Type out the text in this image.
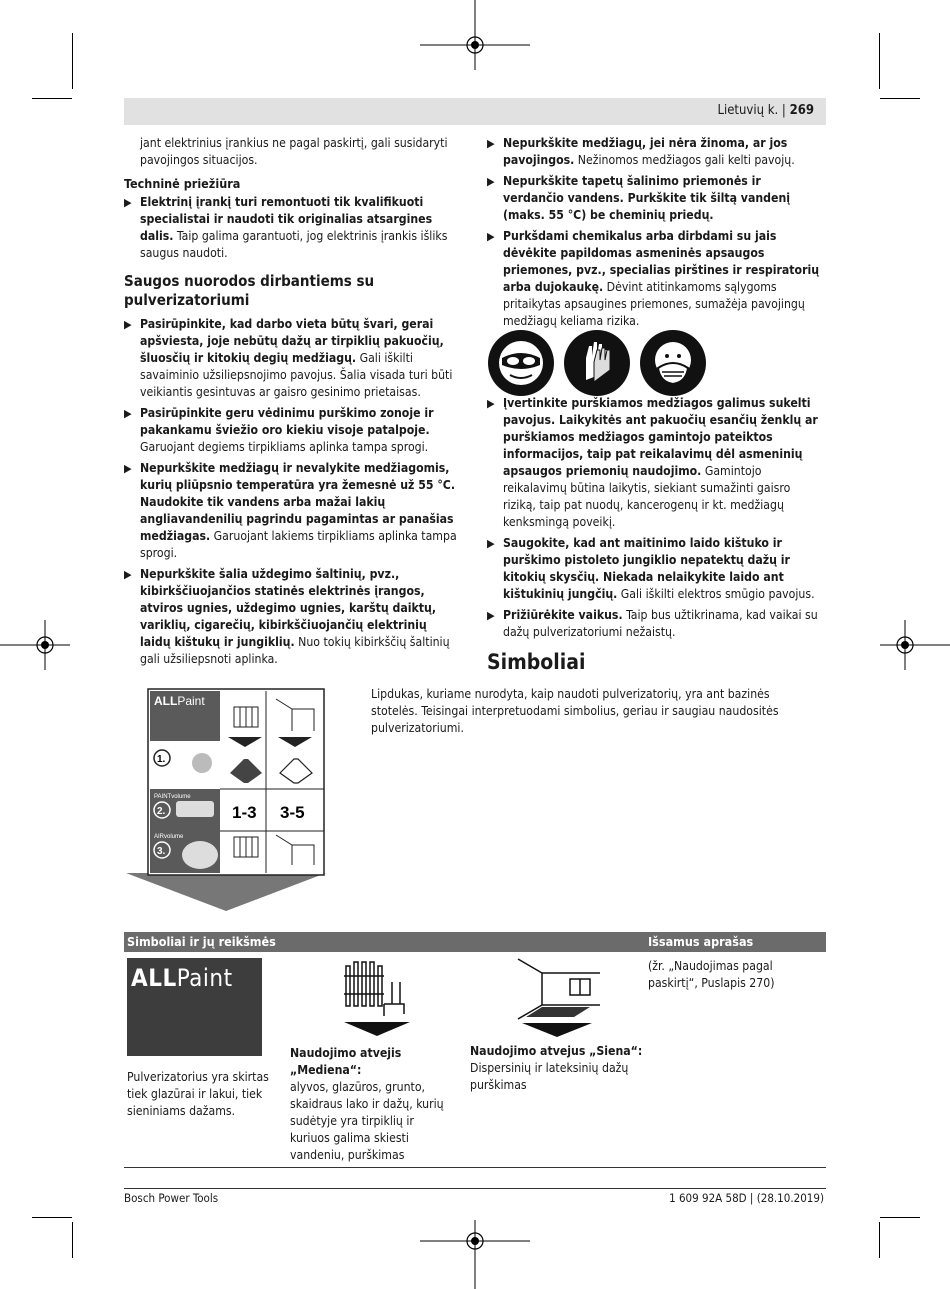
Lietuvių k. | 269

jant elektrinius įrankius ne pagal paskirtį, gali susidaryti pavojingos situacijos.

Techninė priežiūra
▶ Elektrinį įrankį turi remontuoti tik kvalifikuoti specialistai ir naudoti tik originalias atsargines dalis. Taip galima garantuoti, jog elektrinis įrankis išliks saugus naudoti.
Saugos nuorodos dirbantiems su pulverizatoriumi
▶ Pasirūpinkite, kad darbo vieta būtų švari, gerai apšviesta, joje nebūtų dažų ar tirpiklių pakuočių, šluosčių ir kitokių degių medžiagų. Gali iškilti savaiminio užsiliepsnojimo pavojus. Šalia visada turi būti veikiantis gesintuvas ar gaisro gesinimo prietaisas.
▶ Pasirūpinkite geru vėdinimu purškimo zonoje ir pakankamu šviežio oro kiekiu visoje patalpoje. Garuojant degiems tirpikliams aplinka tampa sprogi.
▶ Nepurkškite medžiagų ir nevalykite medžiagomis, kurių pliūpsnio temperatūra yra žemesnė už 55 °C. Naudokite tik vandens arba mažai lakių angliavandenilių pagrindu pagamintas ar panašias medžiagas. Garuojant lakiems tirpikliams aplinka tampa sprogi.
▶ Nepurkškite šalia uždegimo šaltinių, pvz., kibirkščiuojančios statinės elektrinės įrangos, atviros ugnies, uždegimo ugnies, karštų daiktų, variklių, cigarečių, kibirkščiuojančių elektrinių laidų kištukų ir jungiklių. Nuo tokių kibirkščių šaltinių gali užsiliepsnoti aplinka.
▶ Nepurkškite medžiagų, jei nėra žinoma, ar jos pavojingos. Nežinomos medžiagos gali kelti pavojų.
▶ Nepurkškite tapetų šalinimo priemonės ir verdančio vandens. Purkškite tik šiltą vandenį (maks. 55 °C) be cheminių priedų.
▶ Purkšdami chemikalus arba dirbdami su jais dėvėkite papildomas asmeninės apsaugos priemones, pvz., specialias pirštines ir respiratorių arba dujokaukę. Dėvint atitinkamoms sąlygoms pritaikytas apsaugines priemones, sumažėja pavojingų medžiagų keliama rizika.
▶ Įvertinkite purškiamos medžiagos galimus sukelti pavojus. Laikykitės ant pakuočių esančių ženklų ar purškiamos medžiagos gamintojo pateiktos informacijos, taip pat reikalavimų dėl asmeninių apsaugos priemonių naudojimo. Gamintojo reikalavimų būtina laikytis, siekiant sumažinti gaisro riziką, taip pat nuodų, kancerogenų ir kt. medžiagų kenksmingą poveikį.
▶ Saugokite, kad ant maitinimo laido kištuko ir purškimo pistoleto jungiklio nepatektų dažų ir kitokių skysčių. Niekada nelaikykite laido ant kištukinių jungčių. Gali iškilti elektros smūgio pavojus.
▶ Prižiūrėkite vaikus. Taip bus užtikrinama, kad vaikai su dažų pulverizatoriumi nežaistų.
Simboliai
ALLPaint
1.
PAINTvolume
2.
AIRvolume
3.
1-3 3-5
Lipdukas, kuriame nurodyta, kaip naudoti pulverizatorių, yra ant bazinės stotelės. Teisingai interpretuodami simbolius, geriau ir saugiau naudositės pulverizatoriumi.
Simboliai ir jų reikšmės	Išsamus aprašas
ALLPaint	(žr. „Naudojimas pagal paskirtį“, Puslapis 270)
Pulverizatorius yra skirtas tiek glazūrai ir lakui, tiek sieniniams dažams.
Naudojimo atvejis „Mediena“:
alyvos, glazūros, grunto, skaidraus lako ir dažų, kurių sudėtyje yra tirpiklių ir kuriuos galima skiesti vandeniu, purškimas
Naudojimo atvejus „Siena“:
Dispersinių ir lateksinių dažų purškimas
Bosch Power Tools	1 609 92A 58D | (28.10.2019)
